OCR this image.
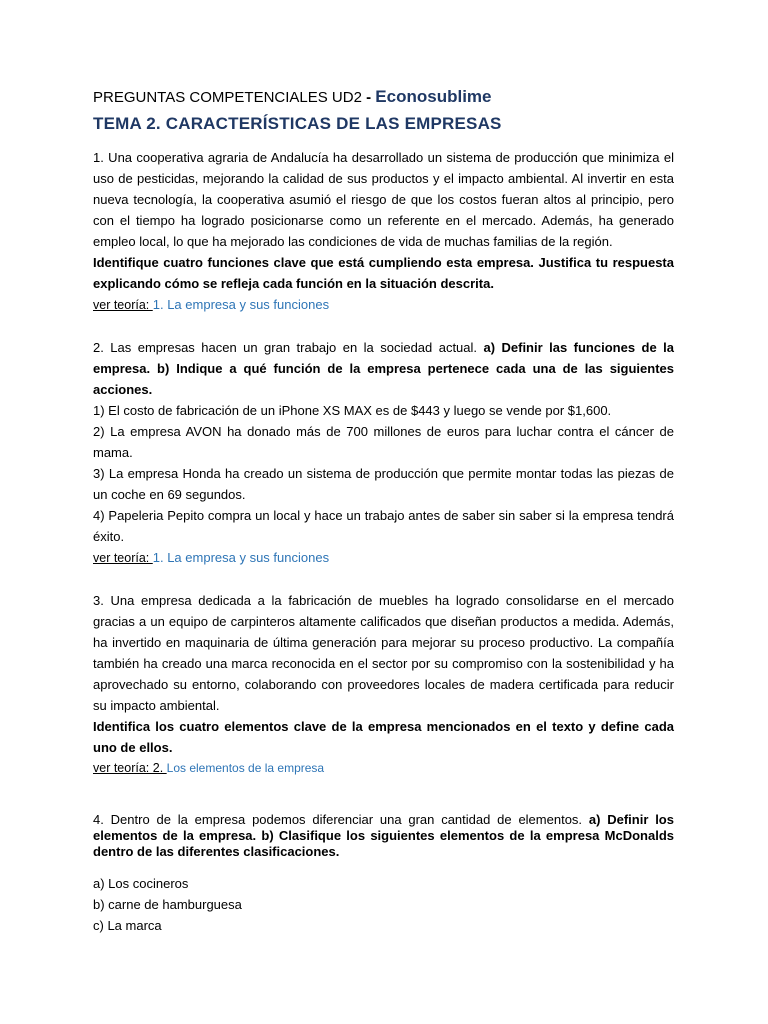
PREGUNTAS COMPETENCIALES UD2 - Econosublime

TEMA 2. CARACTERÍSTICAS DE LAS EMPRESAS

1. Una cooperativa agraria de Andalucía ha desarrollado un sistema de producción que minimiza el uso de pesticidas, mejorando la calidad de sus productos y el impacto ambiental. Al invertir en esta nueva tecnología, la cooperativa asumió el riesgo de que los costos fueran altos al principio, pero con el tiempo ha logrado posicionarse como un referente en el mercado. Además, ha generado empleo local, lo que ha mejorado las condiciones de vida de muchas familias de la región.

Identifique cuatro funciones clave que está cumpliendo esta empresa. Justifica tu respuesta explicando cómo se refleja cada función en la situación descrita.

ver teoría: 1. La empresa y sus funciones

2. Las empresas hacen un gran trabajo en la sociedad actual. a) Definir las funciones de la empresa. b) Indique a qué función de la empresa pertenece cada una de las siguientes acciones.

1) El costo de fabricación de un iPhone XS MAX es de $443 y luego se vende por $1,600.

2) La empresa AVON ha donado más de 700 millones de euros para luchar contra el cáncer de mama.

3) La empresa Honda ha creado un sistema de producción que permite montar todas las piezas de un coche en 69 segundos.

4) Papeleria Pepito compra un local y hace un trabajo antes de saber sin saber si la empresa tendrá éxito.

ver teoría: 1. La empresa y sus funciones

3. Una empresa dedicada a la fabricación de muebles ha logrado consolidarse en el mercado gracias a un equipo de carpinteros altamente calificados que diseñan productos a medida. Además, ha invertido en maquinaria de última generación para mejorar su proceso productivo. La compañía también ha creado una marca reconocida en el sector por su compromiso con la sostenibilidad y ha aprovechado su entorno, colaborando con proveedores locales de madera certificada para reducir su impacto ambiental.

Identifica los cuatro elementos clave de la empresa mencionados en el texto y define cada uno de ellos.

ver teoría: 2. Los elementos de la empresa

4. Dentro de la empresa podemos diferenciar una gran cantidad de elementos. a) Definir los elementos de la empresa. b) Clasifique los siguientes elementos de la empresa McDonalds dentro de las diferentes clasificaciones.

a) Los cocineros

b) carne de hamburguesa

c) La marca
